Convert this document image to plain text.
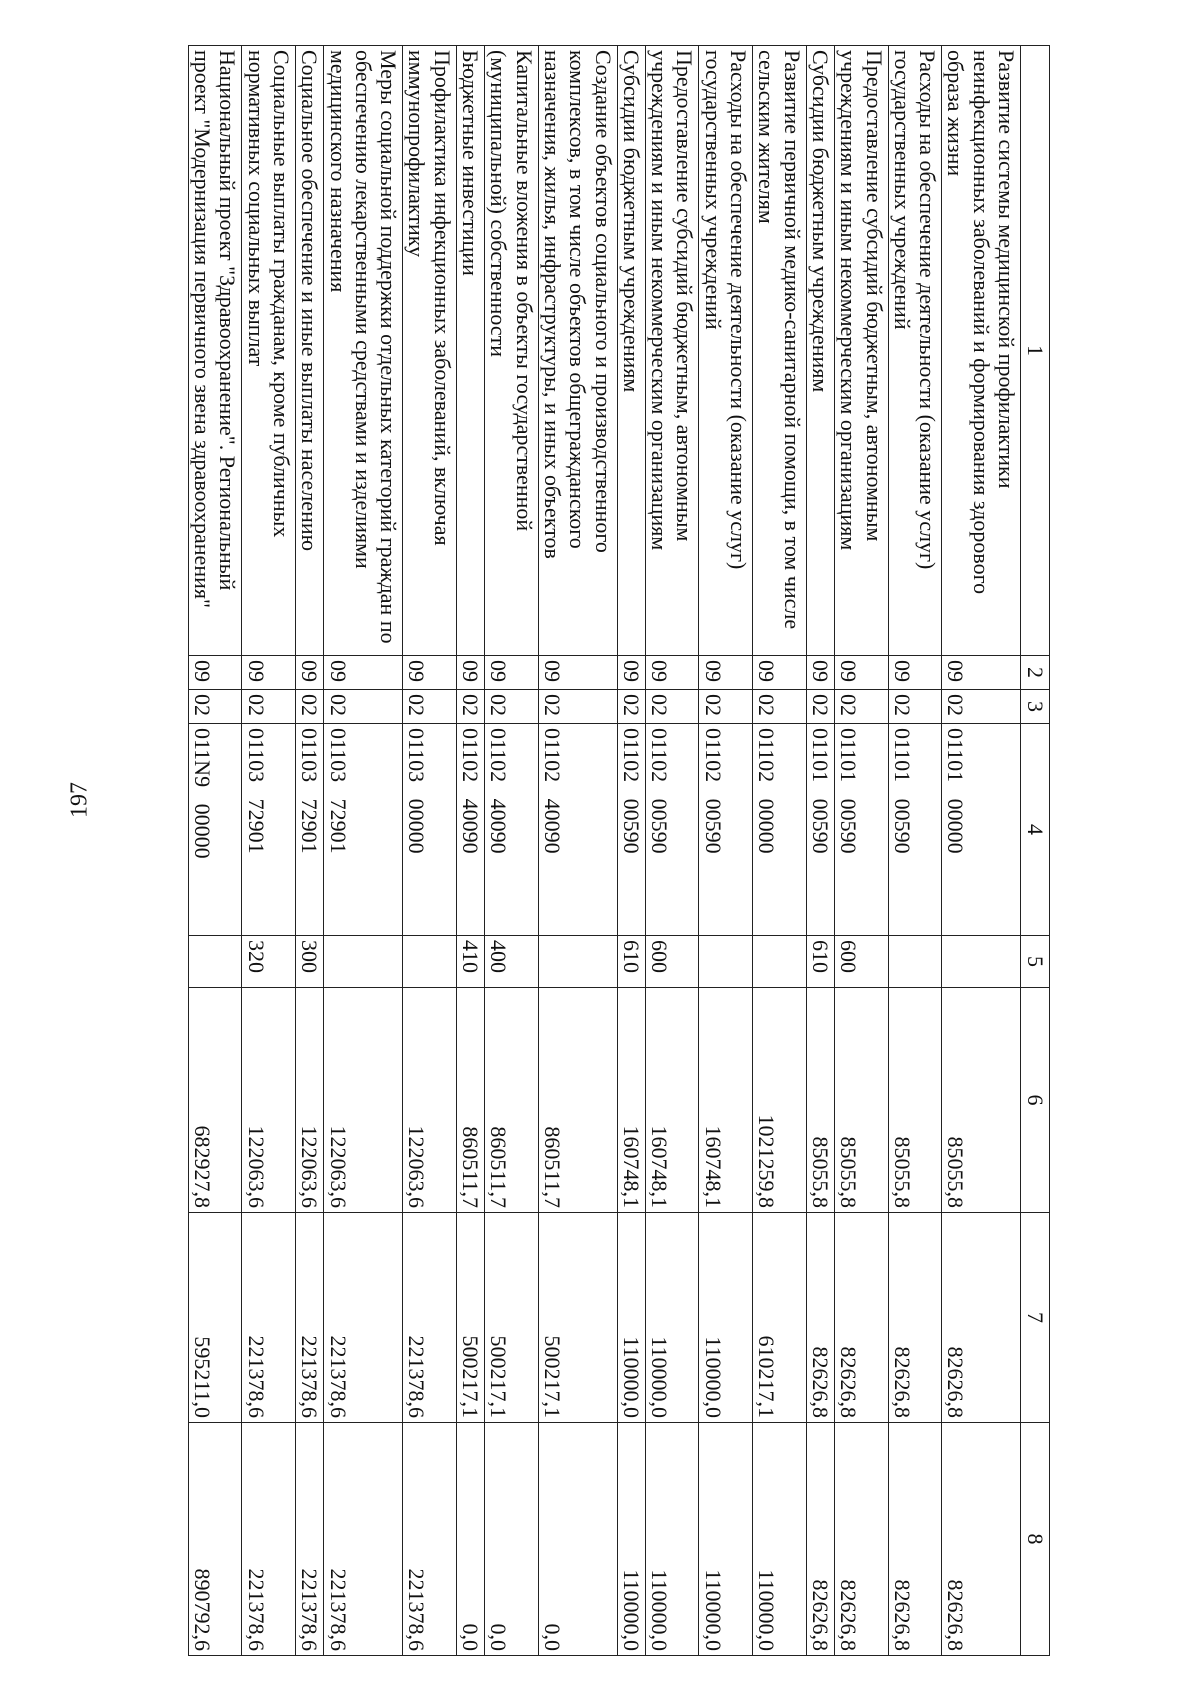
197
1	2	3	4	5	6	7	8
Развитие системы медицинской профилактики неинфекционных заболеваний и формирования здорового образа жизни	09	02	01101   00000		85055,8	82626,8	82626,8
Расходы на обеспечение деятельности (оказание услуг) государственных учреждений	09	02	01101   00590		85055,8	82626,8	82626,8
Предоставление субсидий бюджетным, автономным учреждениям и иным некоммерческим организациям	09	02	01101   00590	600	85055,8	82626,8	82626,8
Субсидии бюджетным учреждениям	09	02	01101   00590	610	85055,8	82626,8	82626,8
Развитие первичной медико-санитарной помощи, в том числе сельским жителям	09	02	01102   00000		1021259,8	610217,1	110000,0
Расходы на обеспечение деятельности (оказание услуг) государственных учреждений	09	02	01102   00590		160748,1	110000,0	110000,0
Предоставление субсидий бюджетным, автономным учреждениям и иным некоммерческим организациям	09	02	01102   00590	600	160748,1	110000,0	110000,0
Субсидии бюджетным учреждениям	09	02	01102   00590	610	160748,1	110000,0	110000,0
Создание объектов социального и производственного комплексов, в том числе объектов общегражданского назначения, жилья, инфраструктуры, и иных объектов	09	02	01102   40090		860511,7	500217,1	0,0
Капитальные вложения в объекты государственной (муниципальной) собственности	09	02	01102   40090	400	860511,7	500217,1	0,0
Бюджетные инвестиции	09	02	01102   40090	410	860511,7	500217,1	0,0
Профилактика инфекционных заболеваний, включая иммунопрофилактику	09	02	01103   00000		122063,6	221378,6	221378,6
Меры социальной поддержки отдельных категорий граждан по обеспечению лекарственными средствами и изделиями медицинского назначения	09	02	01103   72901		122063,6	221378,6	221378,6
Социальное обеспечение и иные выплаты населению	09	02	01103   72901	300	122063,6	221378,6	221378,6
Социальные выплаты гражданам, кроме публичных нормативных социальных выплат	09	02	01103   72901	320	122063,6	221378,6	221378,6
Национальный проект "Здравоохранение". Региональный проект "Модернизация первичного звена здравоохранения"	09	02	011N9   00000		682927,8	595211,0	890792,6
